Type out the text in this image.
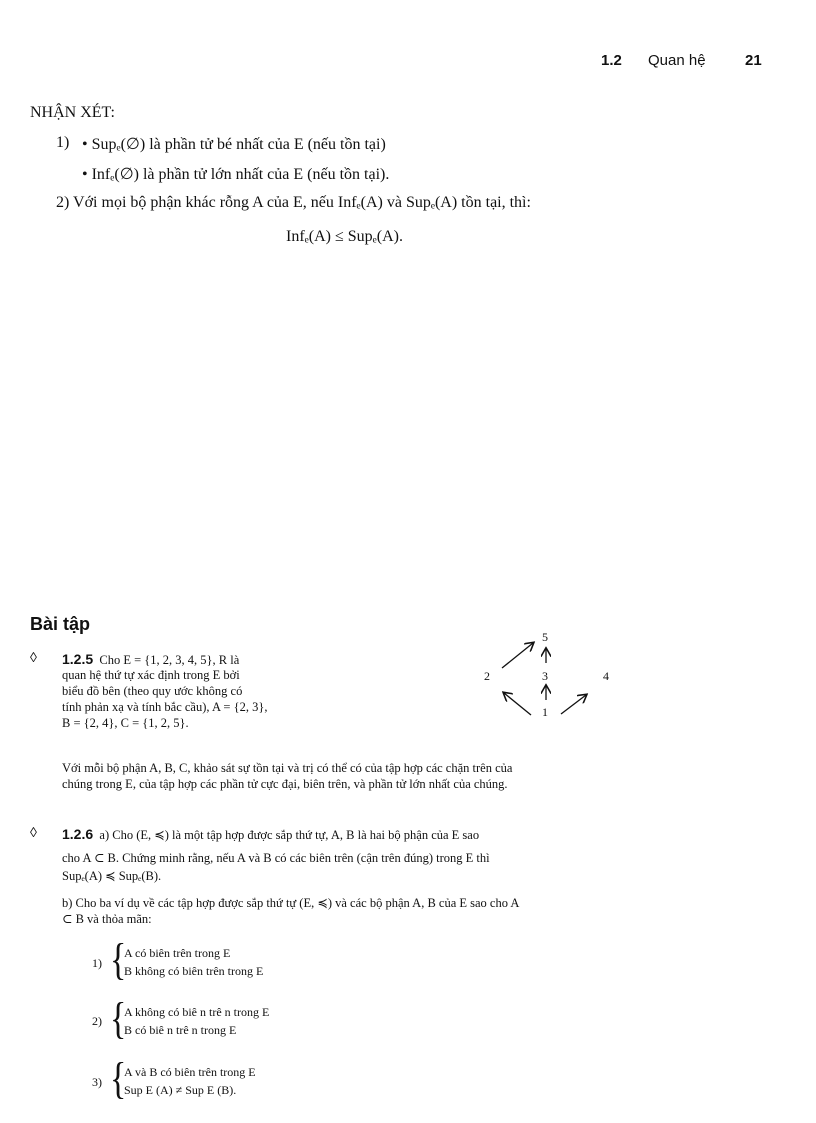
1.2 Quan hệ	21
NHẬN XÉT:
1) • Supₑ(∅) là phần tử bé nhất của E (nếu tồn tại)
• Infₑ(∅) là phần tử lớn nhất của E (nếu tồn tại).
2) Với mọi bộ phận khác rỗng A của E, nếu Infₑ(A) và Supₑ(A) tồn tại, thì:
Infₑ(A) ≤ Supₑ(A).
Bài tập
◊ 1.2.5 Cho E = {1, 2, 3, 4, 5}, R là
quan hệ thứ tự xác định trong E bởi
biểu đồ bên (theo quy ước không có
tính phản xạ và tính bắc cầu), A = {2, 3},
B = {2, 4}, C = {1, 2, 5}.
5
2	3	4
1
Với mỗi bộ phận A, B, C, khảo sát sự tồn tại và trị có thể có của tập hợp các chặn trên của
chúng trong E, của tập hợp các phần tử cực đại, biên trên, và phần tử lớn nhất của chúng.
◊ 1.2.6 a) Cho (E, ≼) là một tập hợp được sắp thứ tự, A, B là hai bộ phận của E sao
cho A ⊂ B. Chứng minh rằng, nếu A và B có các biên trên (cận trên đúng) trong E thì
Supₑ(A) ≼ Supₑ(B).
b) Cho ba ví dụ về các tập hợp được sắp thứ tự (E, ≼) và các bộ phận A, B của E sao cho A
⊂ B và thỏa mãn:
1) {
A có biên trên trong E
B không có biên trên trong E
2) {
A không có biê n trê n trong E
B có biê n trê n trong E
3) {
A và B có biên trên trong E
Sup E (A) ≠ Sup E (B).
